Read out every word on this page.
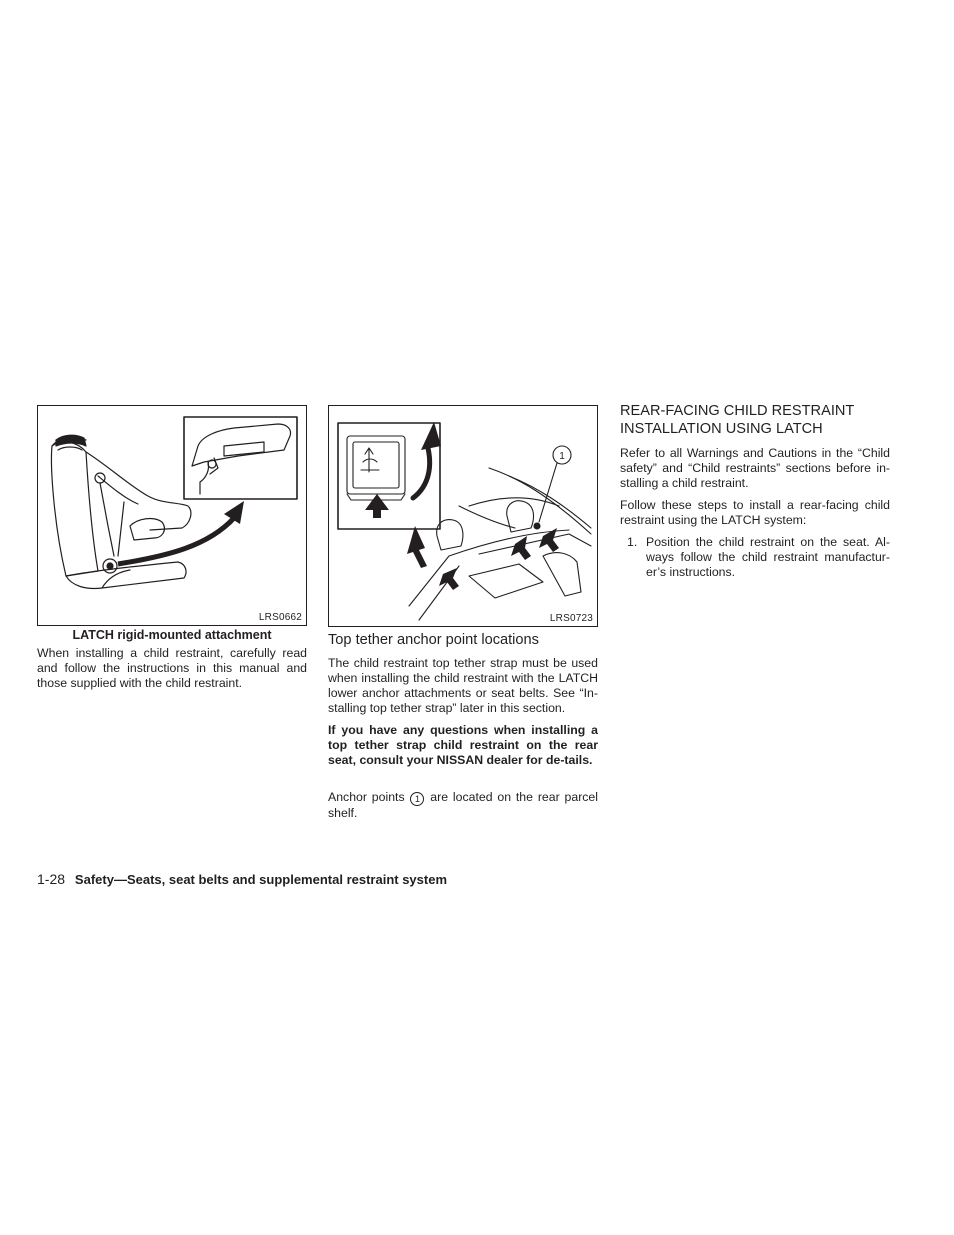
LRS0662
LATCH rigid-mounted attachment

When installing a child restraint, carefully read and follow the instructions in this manual and those supplied with the child restraint.

1
LRS0723
Top tether anchor point locations

The child restraint top tether strap must be used when installing the child restraint with the LATCH lower anchor attachments or seat belts. See “In-stalling top tether strap” later in this section.

If you have any questions when installing a top tether strap child restraint on the rear seat, consult your NISSAN dealer for de-tails.

Anchor points 1 are located on the rear parcel shelf.

REAR-FACING CHILD RESTRAINT INSTALLATION USING LATCH

Refer to all Warnings and Cautions in the “Child safety” and “Child restraints” sections before in-stalling a child restraint.

Follow these steps to install a rear-facing child restraint using the LATCH system:

1. Position the child restraint on the seat. Al-ways follow the child restraint manufactur-er’s instructions.
1-28 Safety—Seats, seat belts and supplemental restraint system
